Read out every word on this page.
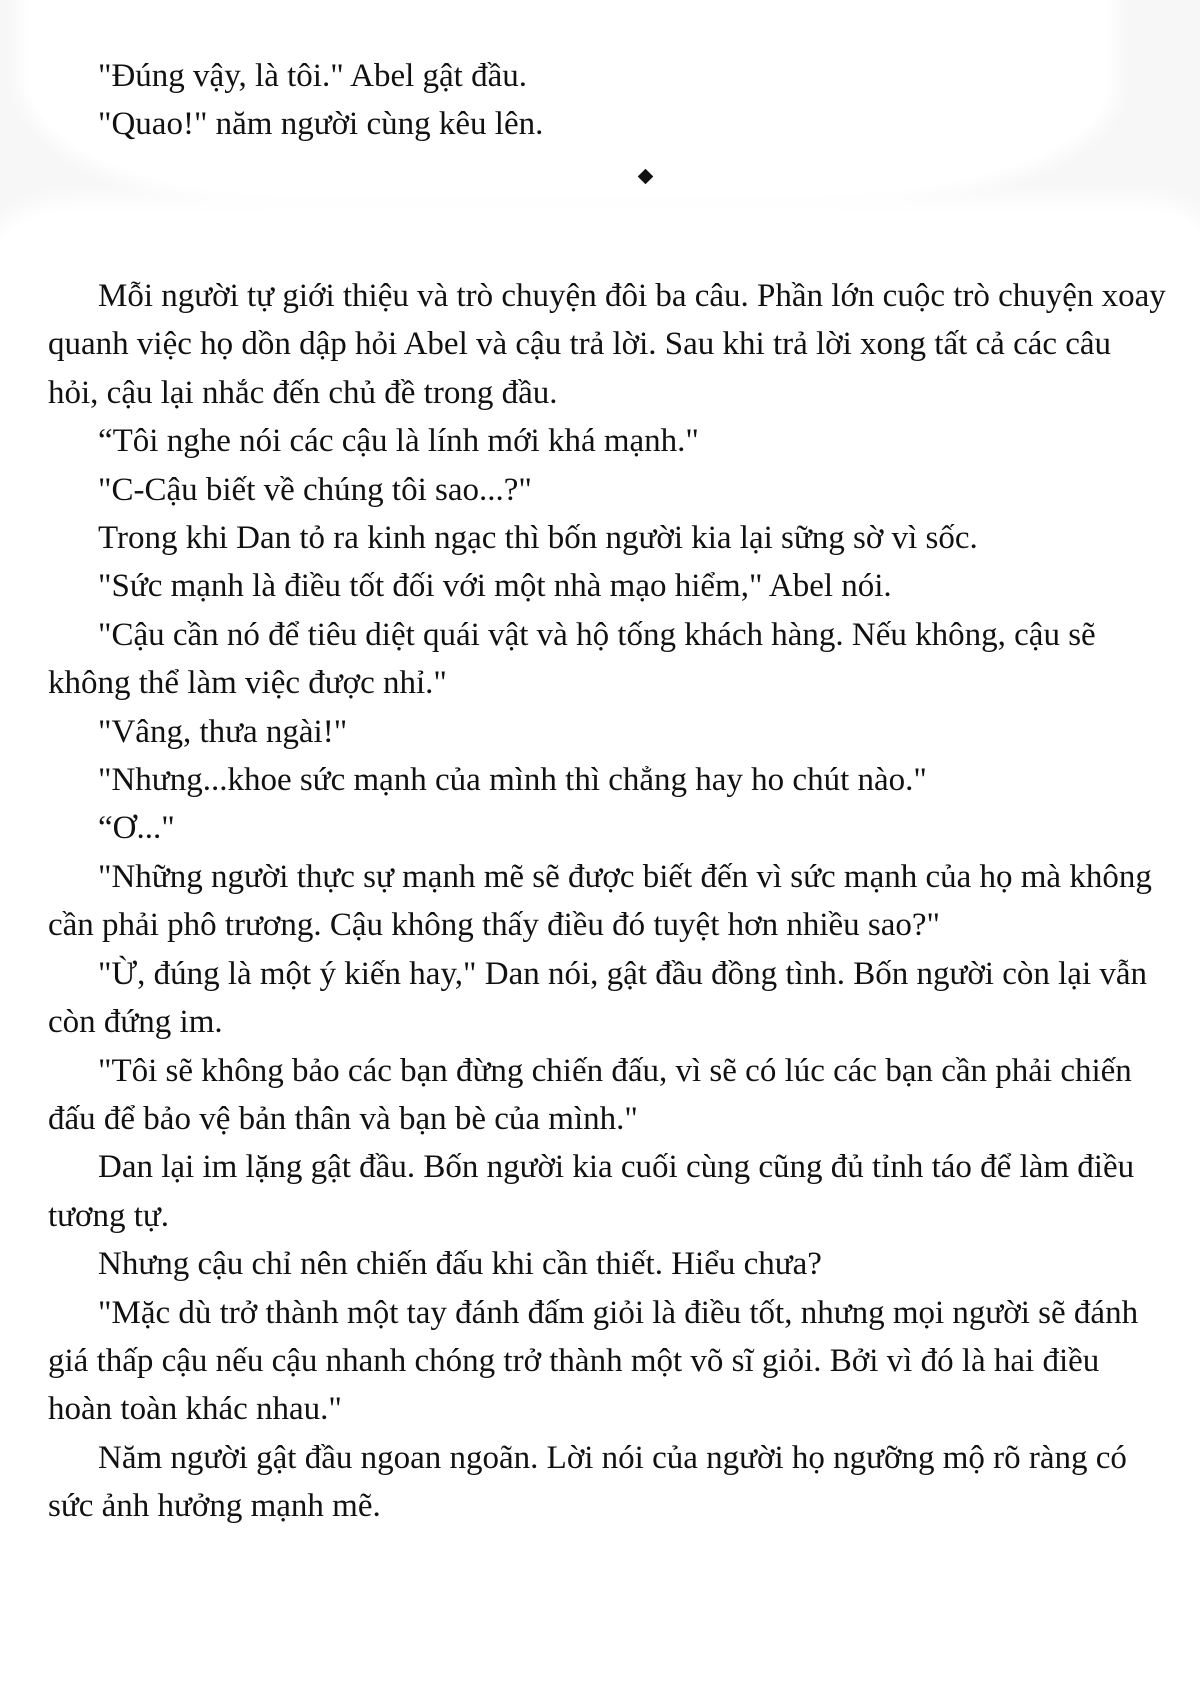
"Đúng vậy, là tôi." Abel gật đầu.

"Quao!" năm người cùng kêu lên.

Mỗi người tự giới thiệu và trò chuyện đôi ba câu. Phần lớn cuộc trò chuyện xoay quanh việc họ dồn dập hỏi Abel và cậu trả lời. Sau khi trả lời xong tất cả các câu hỏi, cậu lại nhắc đến chủ đề trong đầu.

“Tôi nghe nói các cậu là lính mới khá mạnh."

"C-Cậu biết về chúng tôi sao...?"

Trong khi Dan tỏ ra kinh ngạc thì bốn người kia lại sững sờ vì sốc.

"Sức mạnh là điều tốt đối với một nhà mạo hiểm," Abel nói.

"Cậu cần nó để tiêu diệt quái vật và hộ tống khách hàng. Nếu không, cậu sẽ không thể làm việc được nhỉ."

"Vâng, thưa ngài!"

"Nhưng...khoe sức mạnh của mình thì chẳng hay ho chút nào."

“Ơ..."

"Những người thực sự mạnh mẽ sẽ được biết đến vì sức mạnh của họ mà không cần phải phô trương. Cậu không thấy điều đó tuyệt hơn nhiều sao?"

"Ừ, đúng là một ý kiến hay," Dan nói, gật đầu đồng tình. Bốn người còn lại vẫn còn đứng im.

"Tôi sẽ không bảo các bạn đừng chiến đấu, vì sẽ có lúc các bạn cần phải chiến đấu để bảo vệ bản thân và bạn bè của mình."

Dan lại im lặng gật đầu. Bốn người kia cuối cùng cũng đủ tỉnh táo để làm điều tương tự.

Nhưng cậu chỉ nên chiến đấu khi cần thiết. Hiểu chưa?

"Mặc dù trở thành một tay đánh đấm giỏi là điều tốt, nhưng mọi người sẽ đánh giá thấp cậu nếu cậu nhanh chóng trở thành một võ sĩ giỏi. Bởi vì đó là hai điều hoàn toàn khác nhau."

Năm người gật đầu ngoan ngoãn. Lời nói của người họ ngưỡng mộ rõ ràng có sức ảnh hưởng mạnh mẽ.
